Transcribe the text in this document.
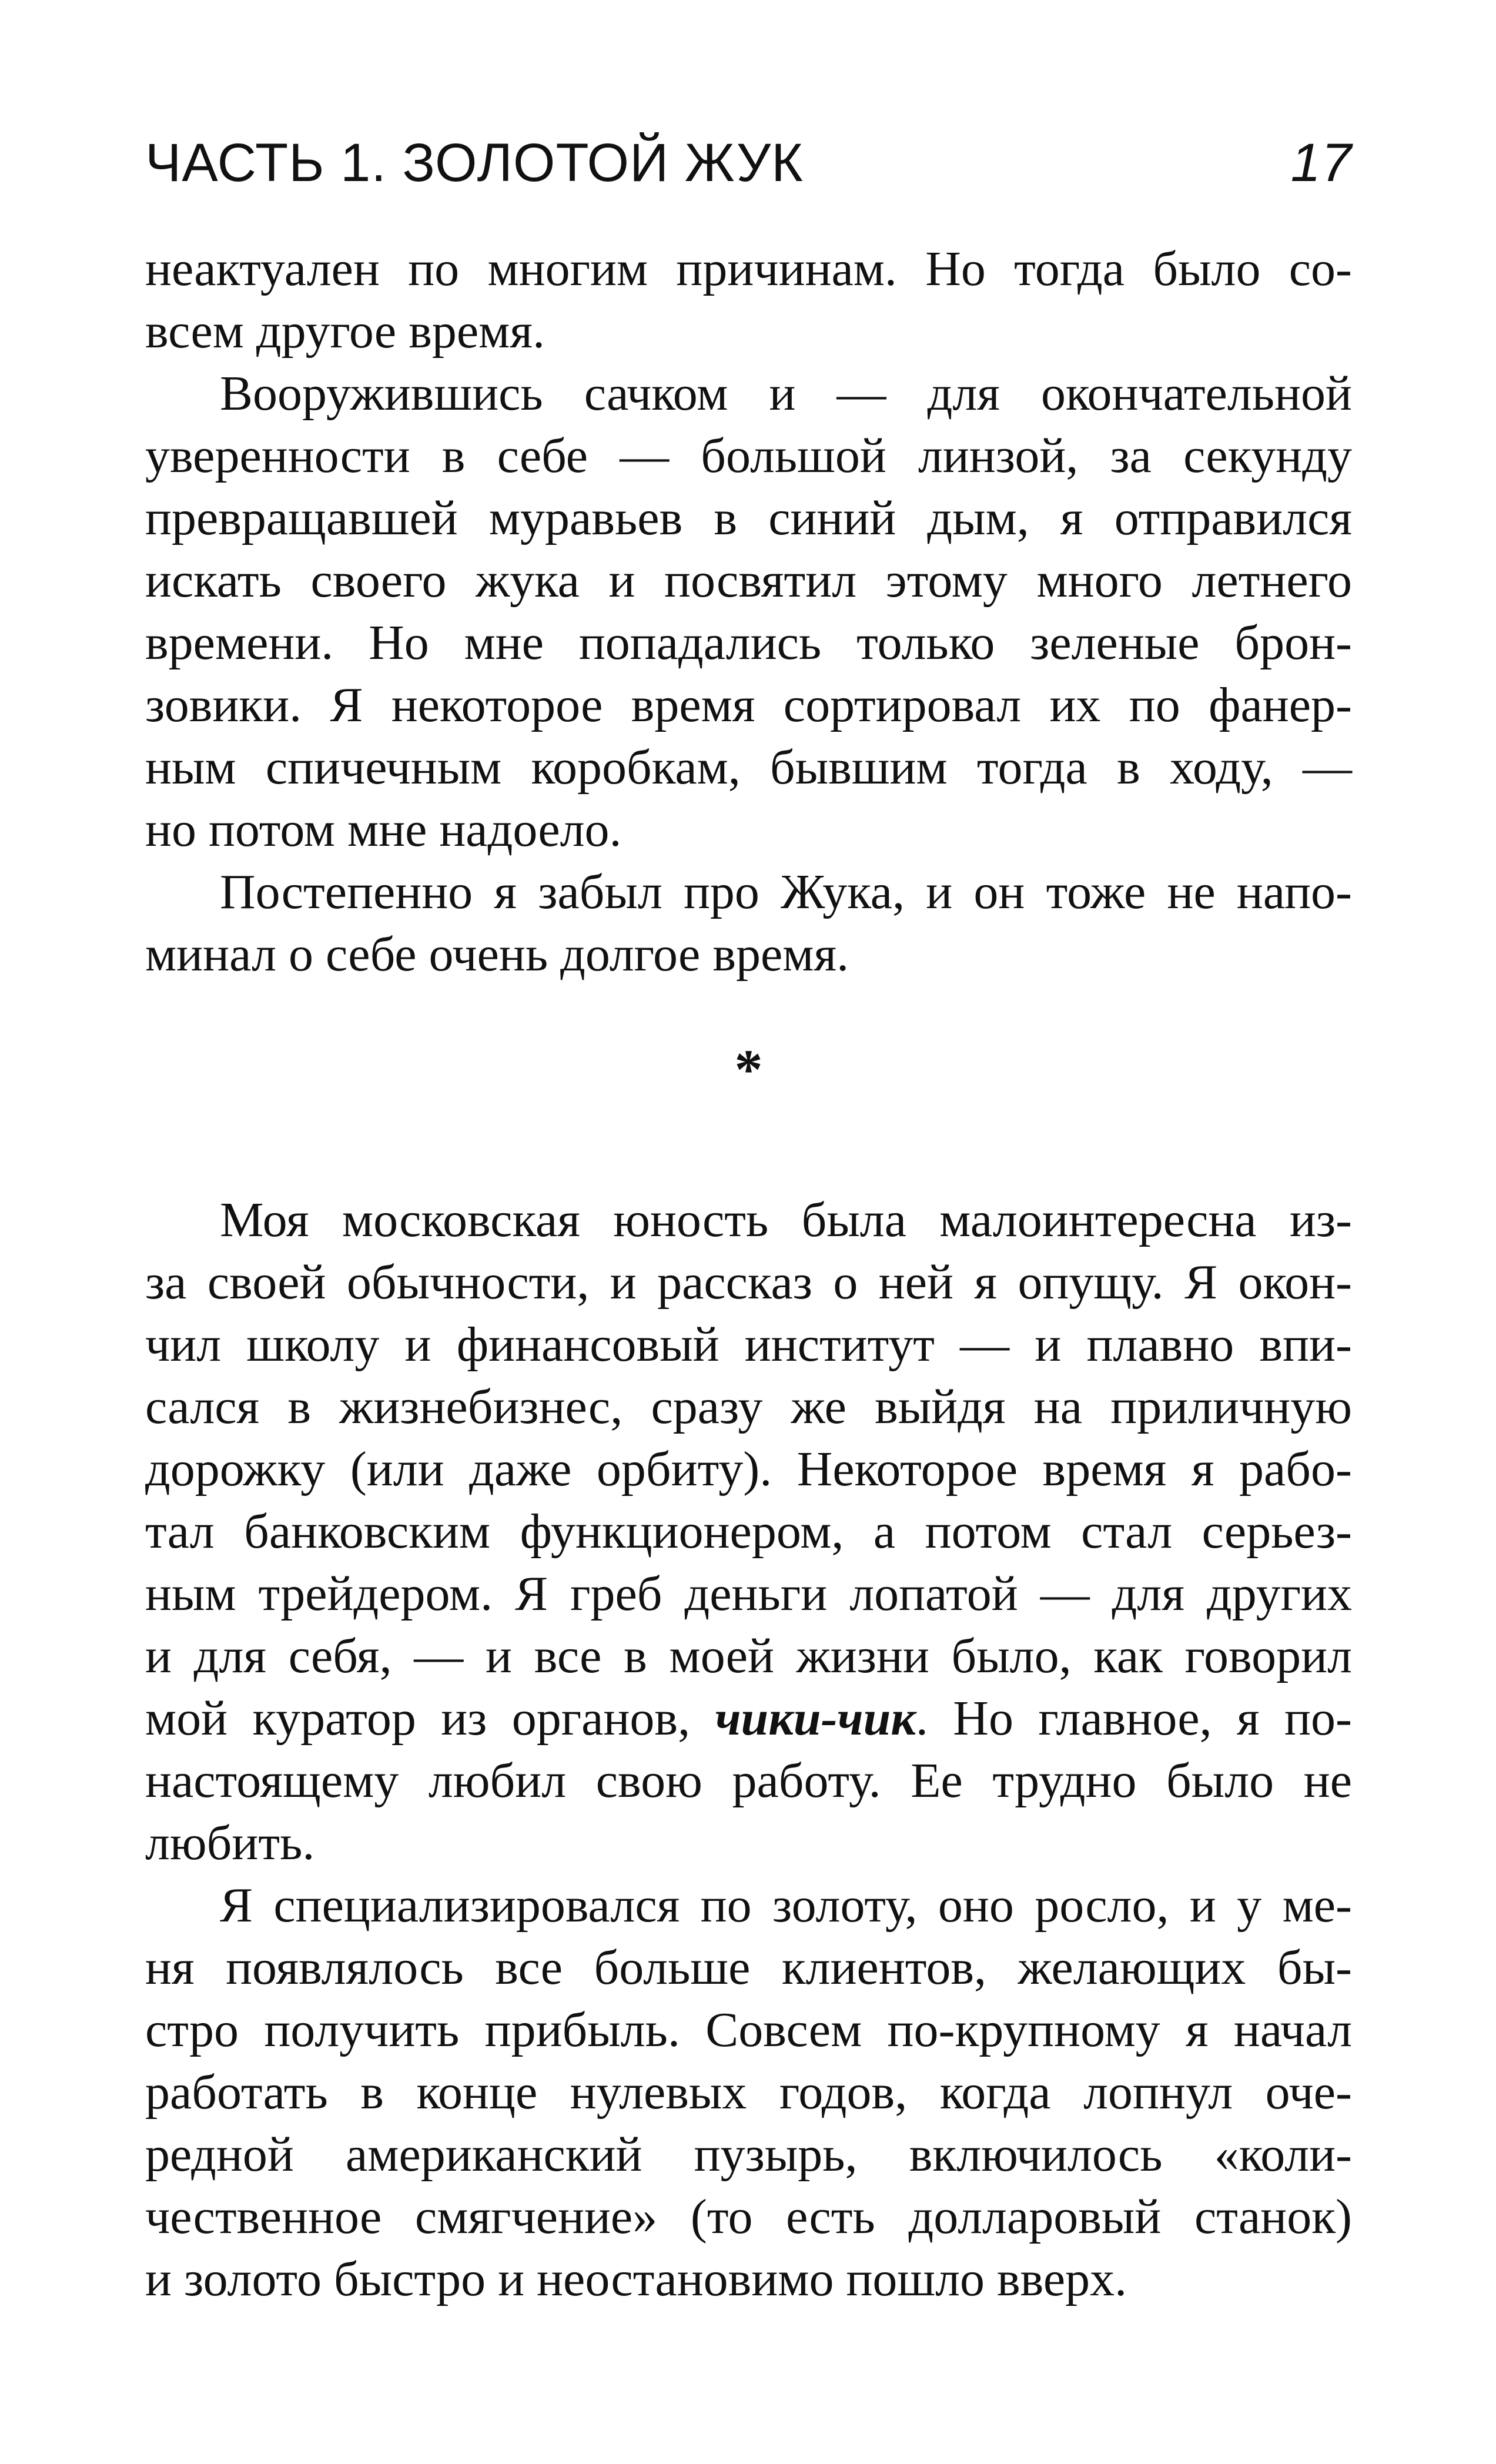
ЧАСТЬ 1. ЗОЛОТОЙ ЖУК	17
неактуален по многим причинам. Но тогда было со-
всем другое время.
Вооружившись сачком и — для окончательной
уверенности в себе — большой линзой, за секунду
превращавшей муравьев в синий дым, я отправился
искать своего жука и посвятил этому много летнего
времени. Но мне попадались только зеленые брон-
зовики. Я некоторое время сортировал их по фанер-
ным спичечным коробкам, бывшим тогда в ходу, —
но потом мне надоело.
Постепенно я забыл про Жука, и он тоже не напо-
минал о себе очень долгое время.
*
Моя московская юность была малоинтересна из-
за своей обычности, и рассказ о ней я опущу. Я окон-
чил школу и финансовый институт — и плавно впи-
сался в жизнебизнес, сразу же выйдя на приличную
дорожку (или даже орбиту). Некоторое время я рабо-
тал банковским функционером, а потом стал серьез-
ным трейдером. Я греб деньги лопатой — для других
и для себя, — и все в моей жизни было, как говорил
мой куратор из органов, чики-чик. Но главное, я по-
настоящему любил свою работу. Ее трудно было не
любить.
Я специализировался по золоту, оно росло, и у ме-
ня появлялось все больше клиентов, желающих бы-
стро получить прибыль. Совсем по-крупному я начал
работать в конце нулевых годов, когда лопнул оче-
редной американский пузырь, включилось «коли-
чественное смягчение» (то есть долларовый станок)
и золото быстро и неостановимо пошло вверх.
